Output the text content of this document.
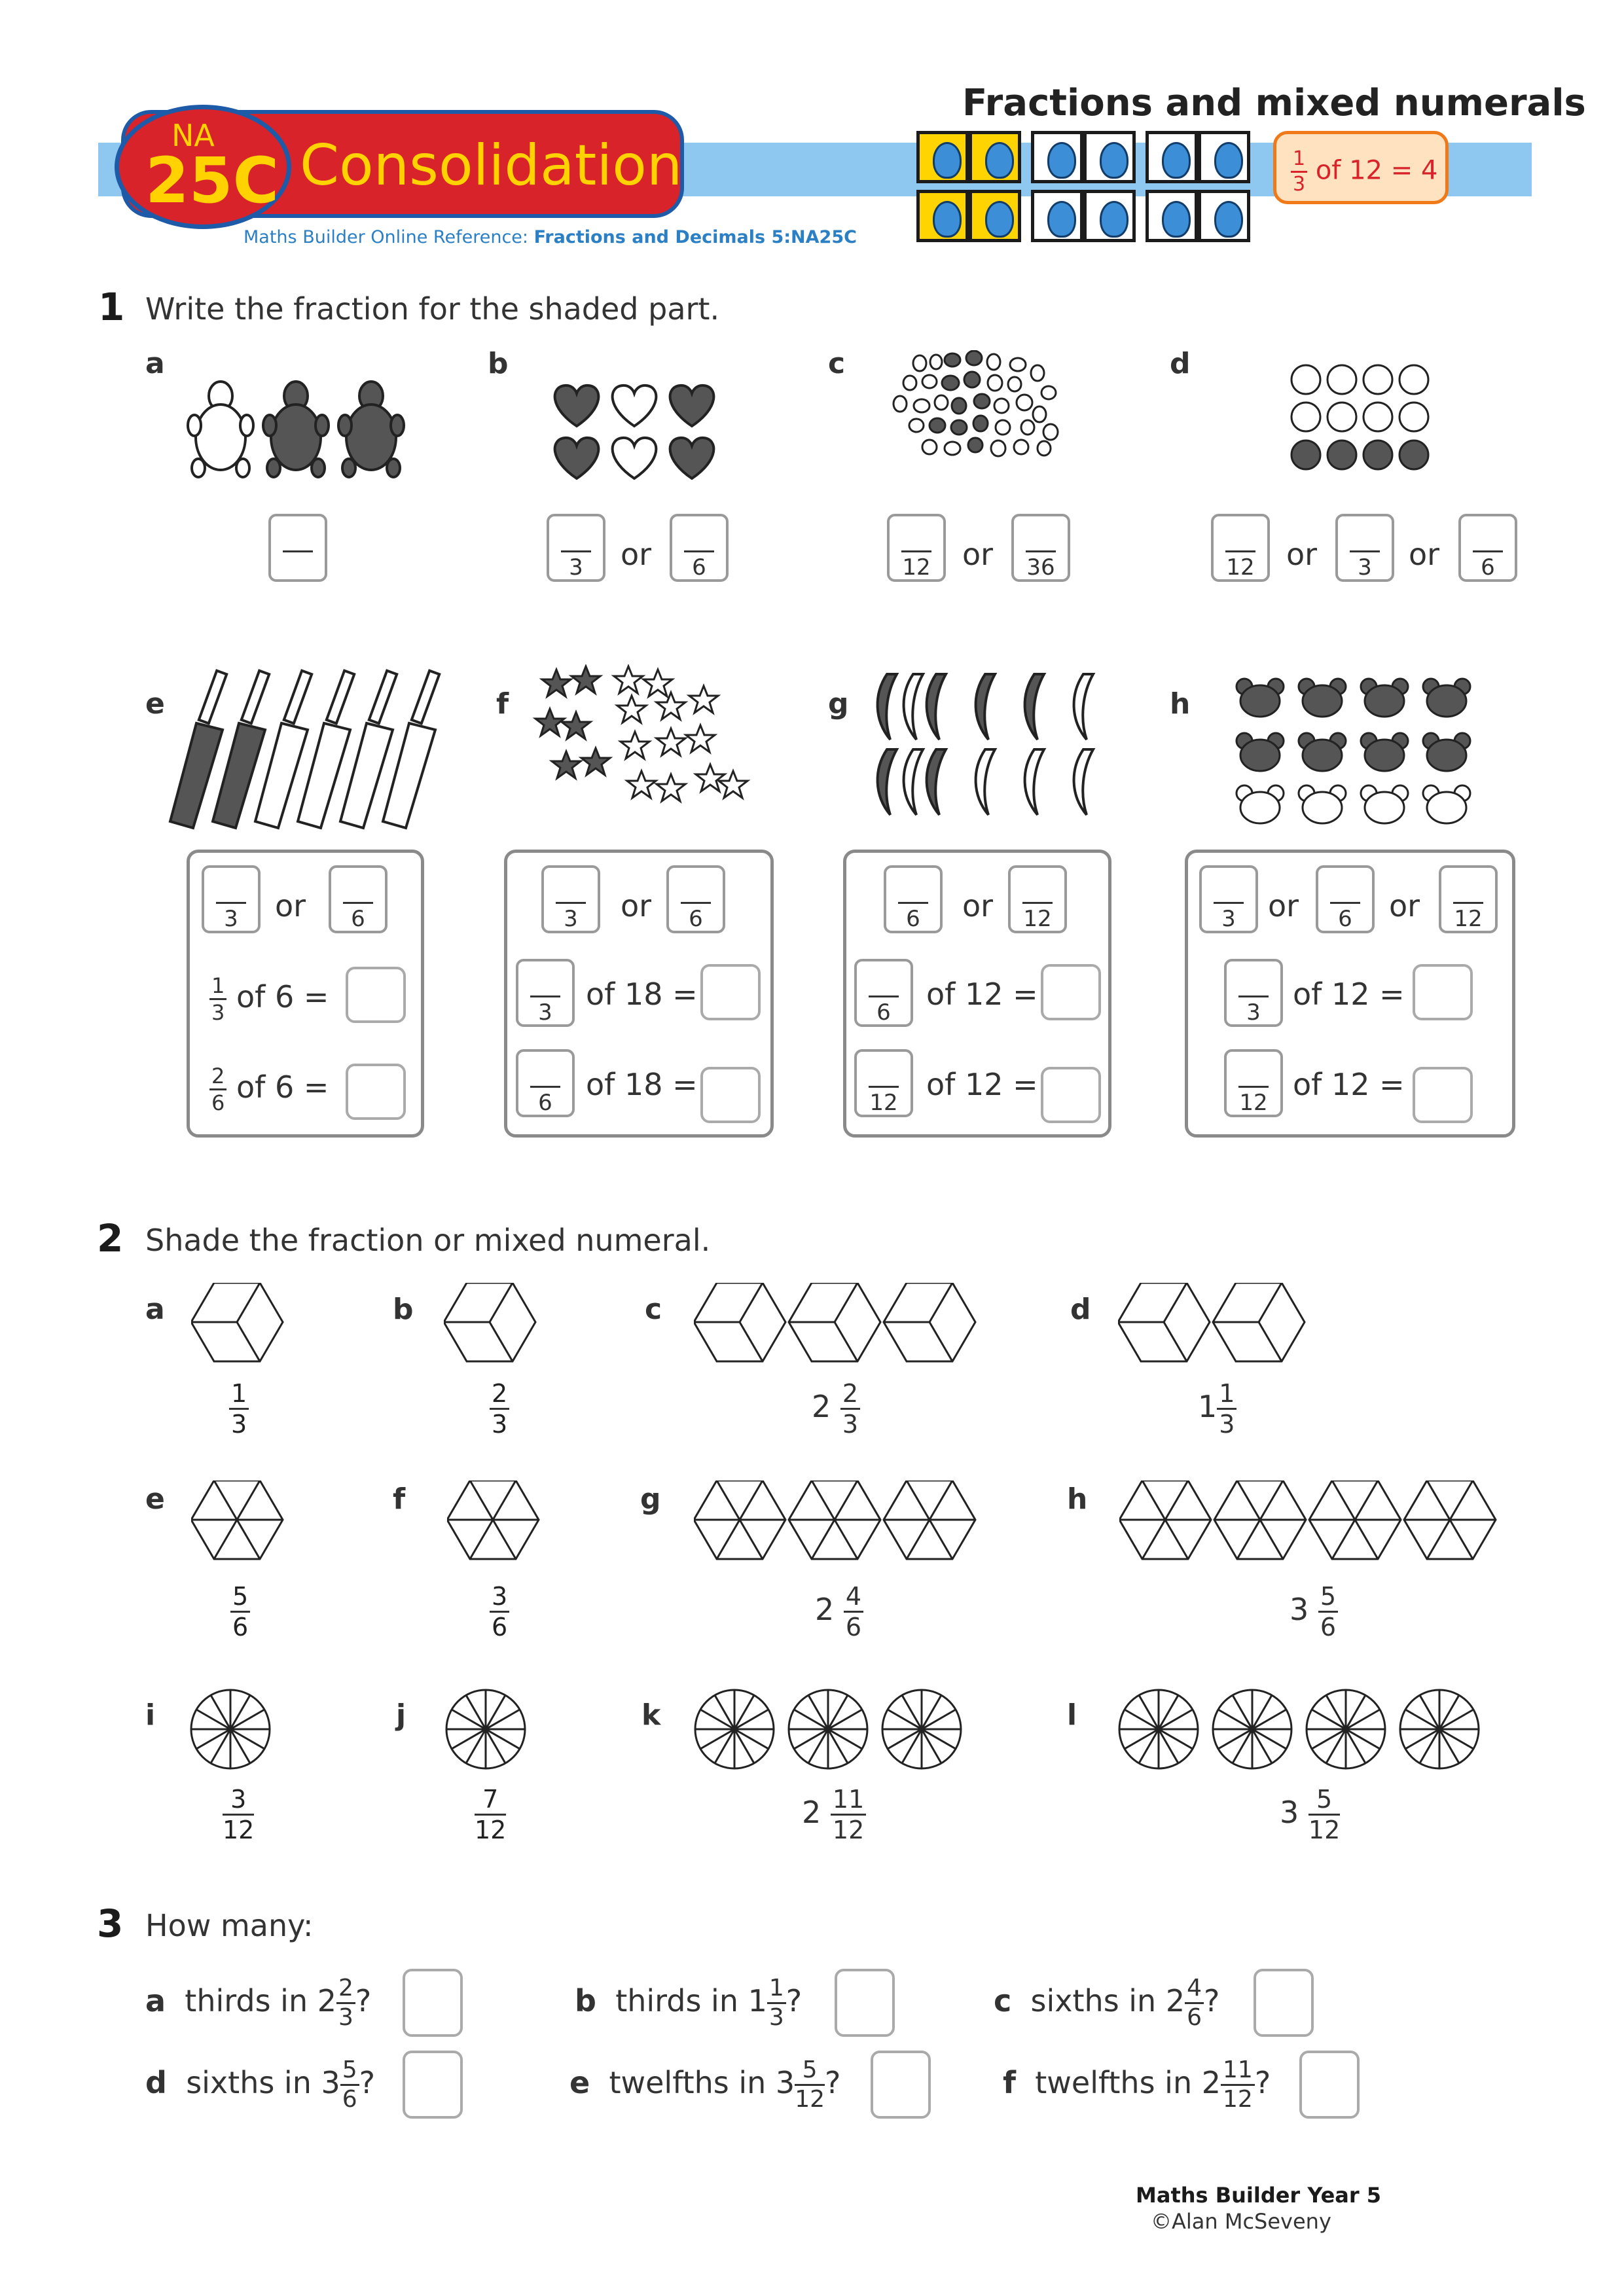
Fractions and mixed numerals
NA
25C Consolidation
Maths Builder Online Reference: Fractions and Decimals 5:NA25C
$\frac{1}{3}$ of 12 = 4
1 Write the fraction for the shaded part.
a	b	c	d
3	or	6	12	or	36	12	or	3	or	6
e	f	g	h
3	or	6
$\frac{1}{3}$ of 6 =
$\frac{2}{6}$ of 6 =
3	or	6
3
of 18 =
6
of 18 =
6	or	12
6
of 12 =
12
of 12 =
3	or	6	or	12
3
of 12 =
12
of 12 =
2 Shade the fraction or mixed numeral.
a	b	c	d
$\frac{1}{3}$	$\frac{2}{3}$	$2 \frac{2}{3}$	$1 \frac{1}{3}$
e	f	g	h
$\frac{5}{6}$	$\frac{3}{6}$	$2 \frac{4}{6}$	$3 \frac{5}{6}$
i	j	k	l
$\frac{3}{12}$	$\frac{7}{12}$	$2 \frac{11}{12}$	$3 \frac{5}{12}$
3 How many:
a thirds in $2 \frac{2}{3}$ ?	b thirds in $1 \frac{1}{3}$ ?	c sixths in $2 \frac{4}{6}$ ?
d sixths in $3 \frac{5}{6}$ ?	e twelfths in $3 \frac{5}{12}$ ?	f twelfths in $2 \frac{11}{12}$ ?
Maths Builder Year 5
©Alan McSeveny
